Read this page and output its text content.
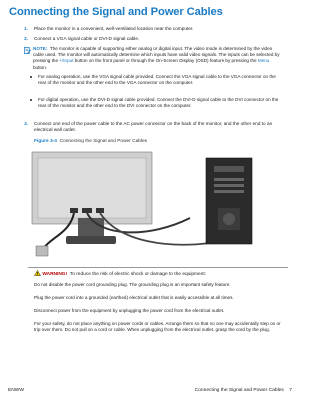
Connecting the Signal and Power Cables
1. Place the monitor in a convenient, well-ventilated location near the computer.
2. Connect a VGA signal cable or DVI-D signal cable.
NOTE: The monitor is capable of supporting either analog or digital input. The video mode is determined by the video cable used. The monitor will automatically determine which inputs have valid video signals. The inputs can be selected by pressing the +/Input button on the front panel or through the On-Screen Display (OSD) feature by pressing the Menu button.
For analog operation, use the VGA signal cable provided. Connect the VGA signal cable to the VGA connector on the rear of the monitor and the other end to the VGA connector on the computer.
For digital operation, use the DVI-D signal cable provided. Connect the DVI-D signal cable to the DVI connector on the rear of the monitor and the other end to the DVI connector on the computer.
3. Connect one end of the power cable to the AC power connector on the back of the monitor, and the other end to an electrical wall outlet.
Figure 3-4 Connecting the Signal and Power Cables
WARNING! To reduce the risk of electric shock or damage to the equipment:
Do not disable the power cord grounding plug. The grounding plug is an important safety feature.
Plug the power cord into a grounded (earthed) electrical outlet that is easily accessible at all times.
Disconnect power from the equipment by unplugging the power cord from the electrical outlet.
For your safety, do not place anything on power cords or cables. Arrange them so that no one may accidentally step on or trip over them. Do not pull on a cord or cable. When unplugging from the electrical outlet, grasp the cord by the plug.
ENWW	Connecting the Signal and Power Cables 7
